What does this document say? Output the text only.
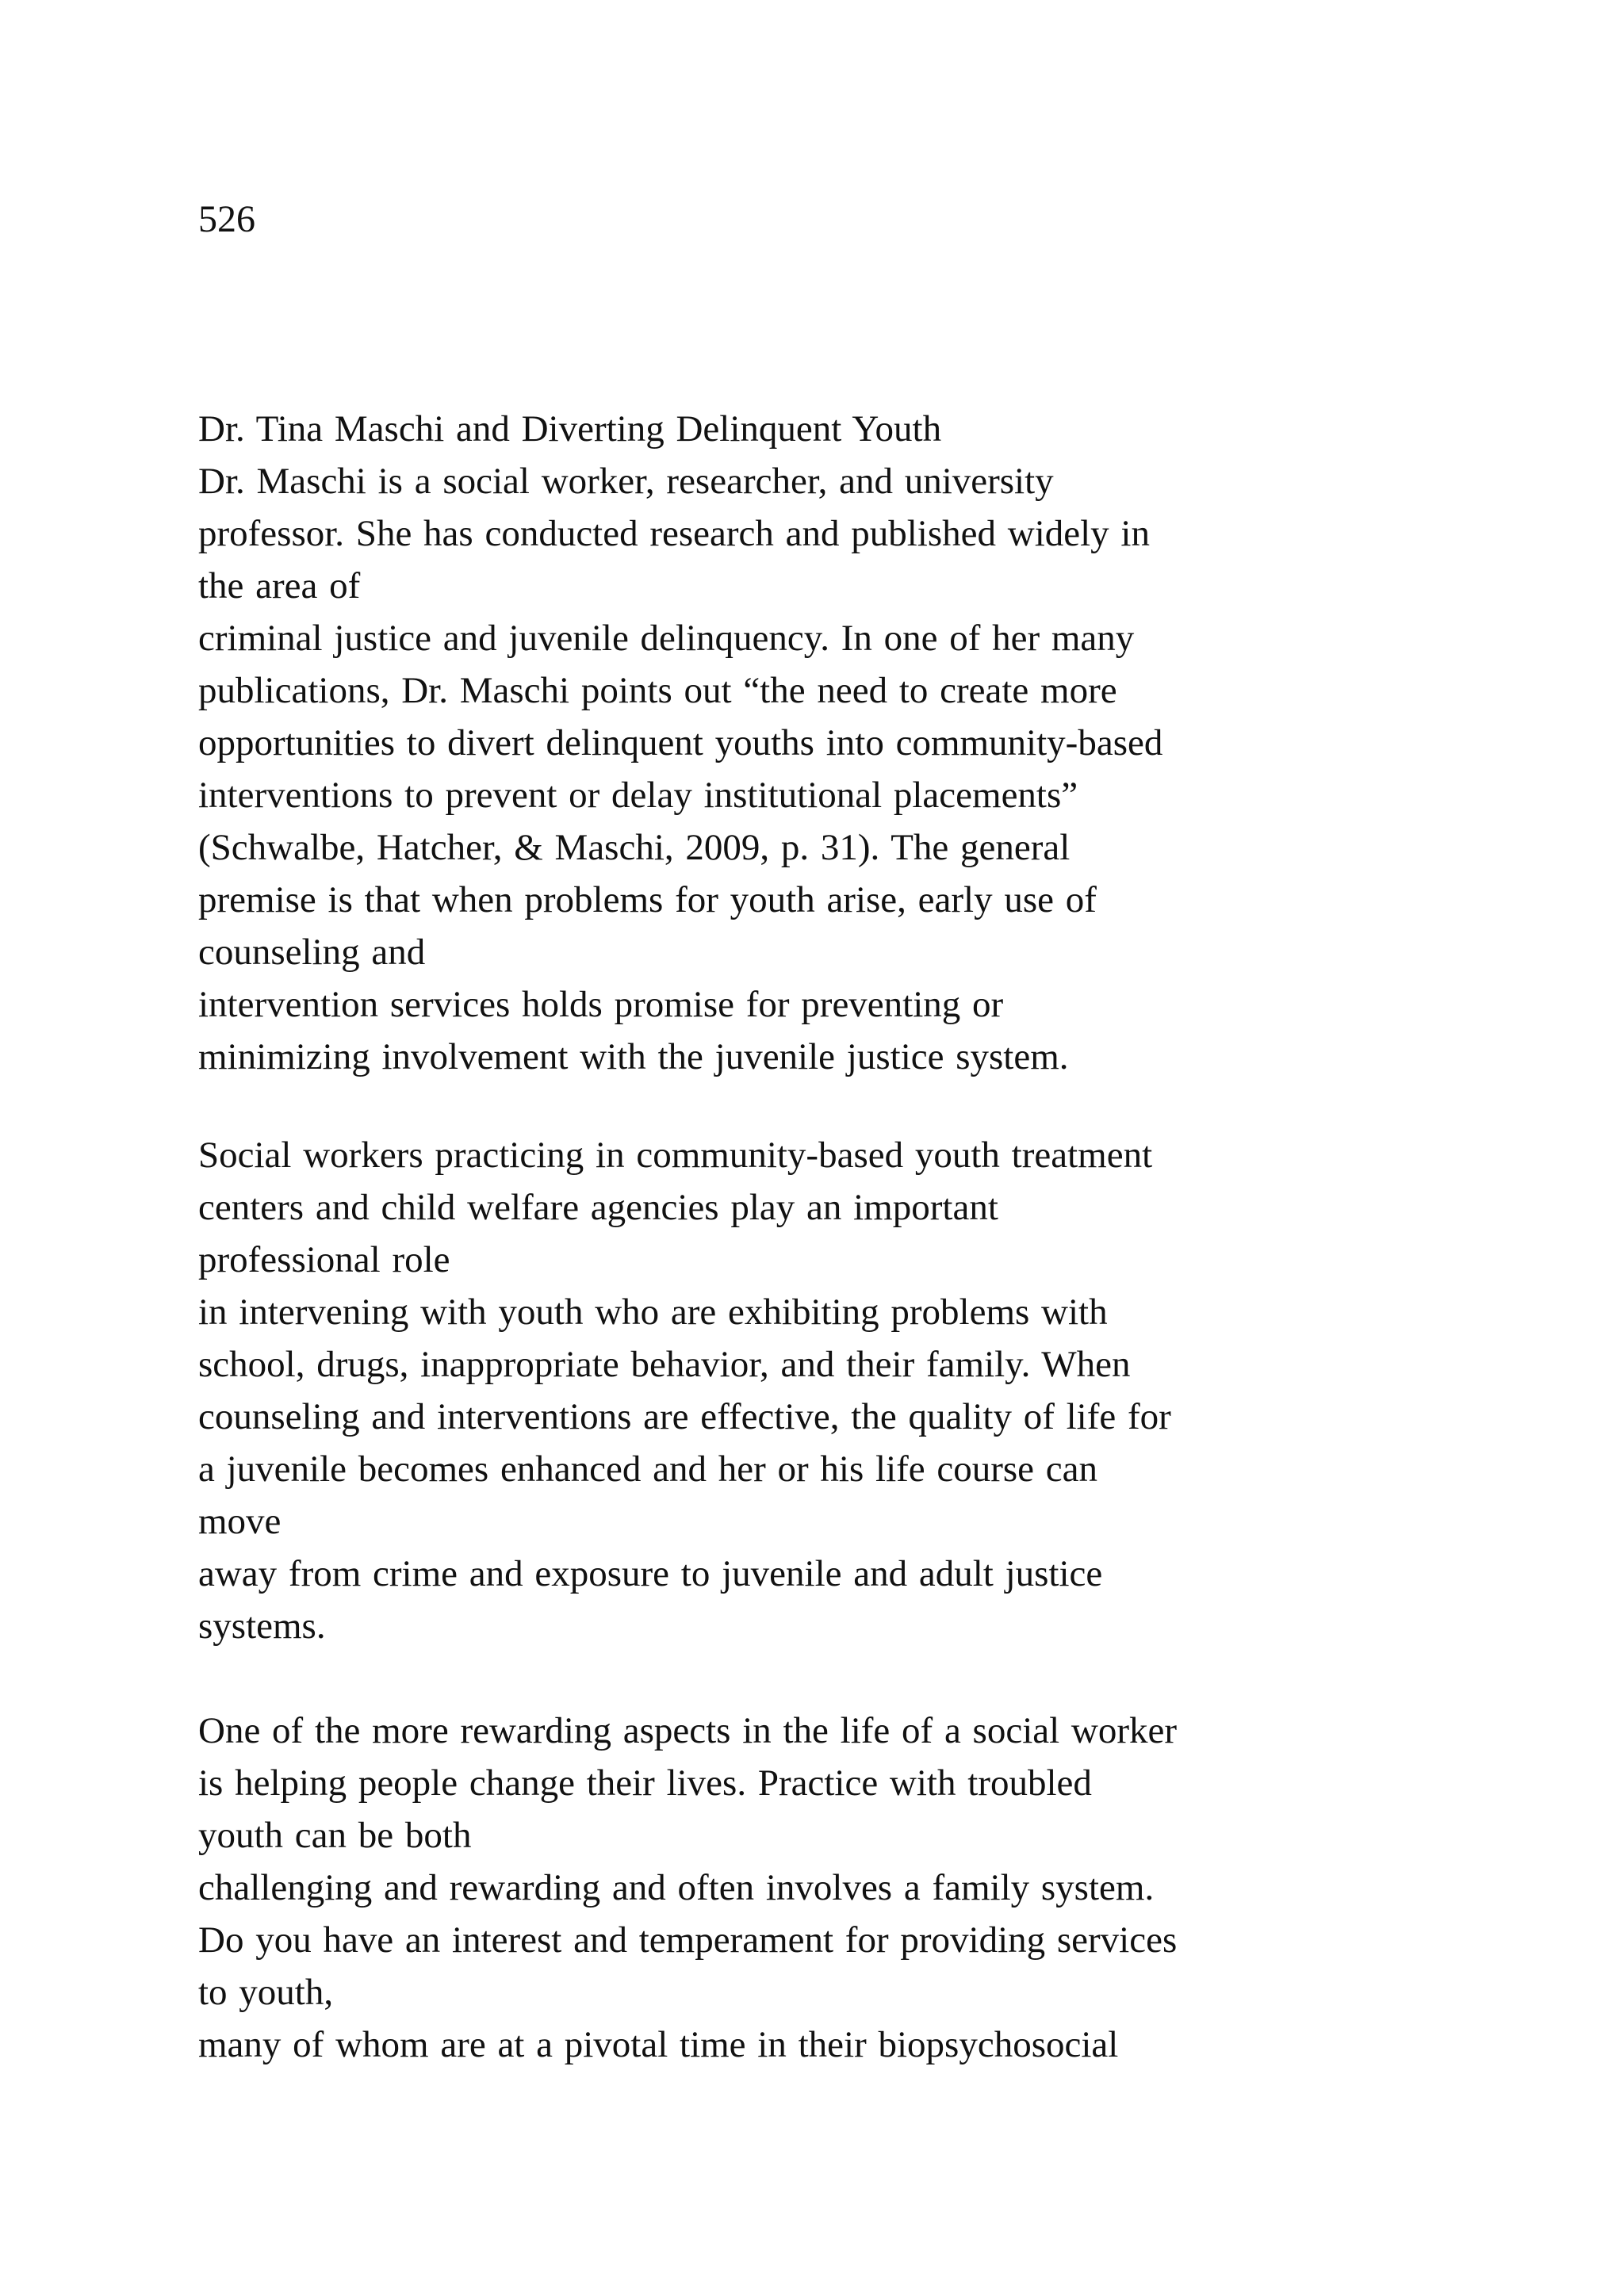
526
Dr. Tina Maschi and Diverting Delinquent Youth
Dr. Maschi is a social worker, researcher, and university
professor. She has conducted research and published widely in
the area of
criminal justice and juvenile delinquency. In one of her many
publications, Dr. Maschi points out “the need to create more
opportunities to divert delinquent youths into community-based
interventions to prevent or delay institutional placements”
(Schwalbe, Hatcher, & Maschi, 2009, p. 31). The general
premise is that when problems for youth arise, early use of
counseling and
intervention services holds promise for preventing or
minimizing involvement with the juvenile justice system.
Social workers practicing in community-based youth treatment
centers and child welfare agencies play an important
professional role
in intervening with youth who are exhibiting problems with
school, drugs, inappropriate behavior, and their family. When
counseling and interventions are effective, the quality of life for
a juvenile becomes enhanced and her or his life course can
move
away from crime and exposure to juvenile and adult justice
systems.
One of the more rewarding aspects in the life of a social worker
is helping people change their lives. Practice with troubled
youth can be both
challenging and rewarding and often involves a family system.
Do you have an interest and temperament for providing services
to youth,
many of whom are at a pivotal time in their biopsychosocial
